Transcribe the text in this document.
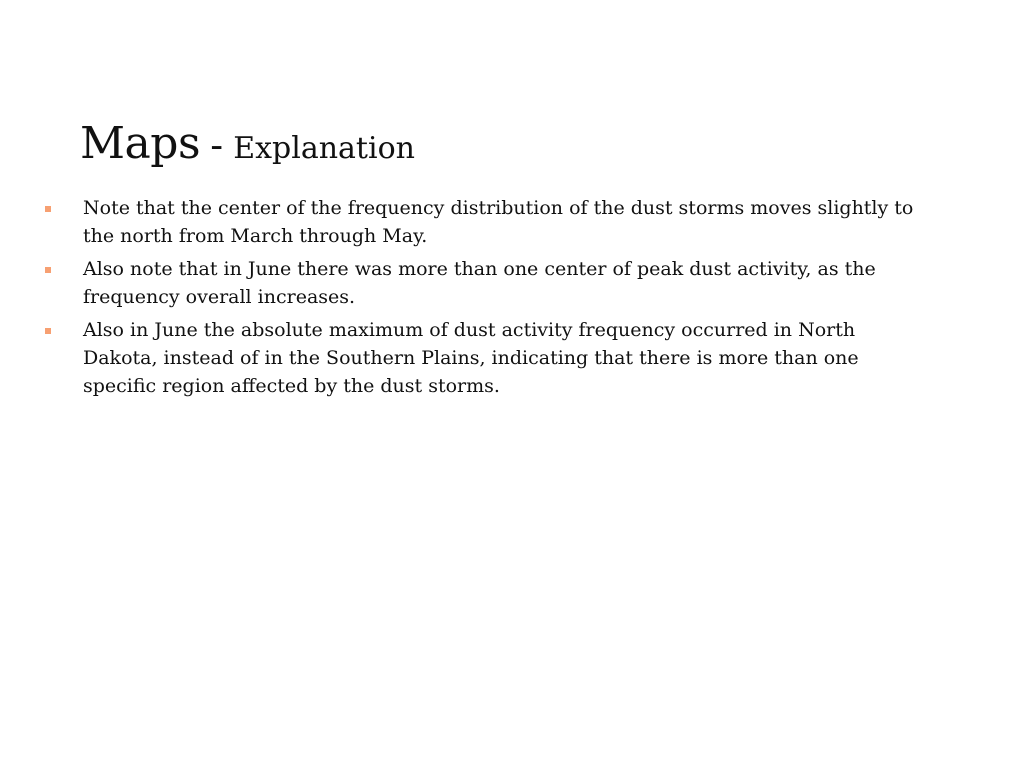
Maps - Explanation
Note that the center of the frequency distribution of the dust storms moves slightly to the north from March through May.
Also note that in June there was more than one center of peak dust activity, as the frequency overall increases.
Also in June the absolute maximum of dust activity frequency occurred in North Dakota, instead of in the Southern Plains, indicating that there is more than one specific region affected by the dust storms.
